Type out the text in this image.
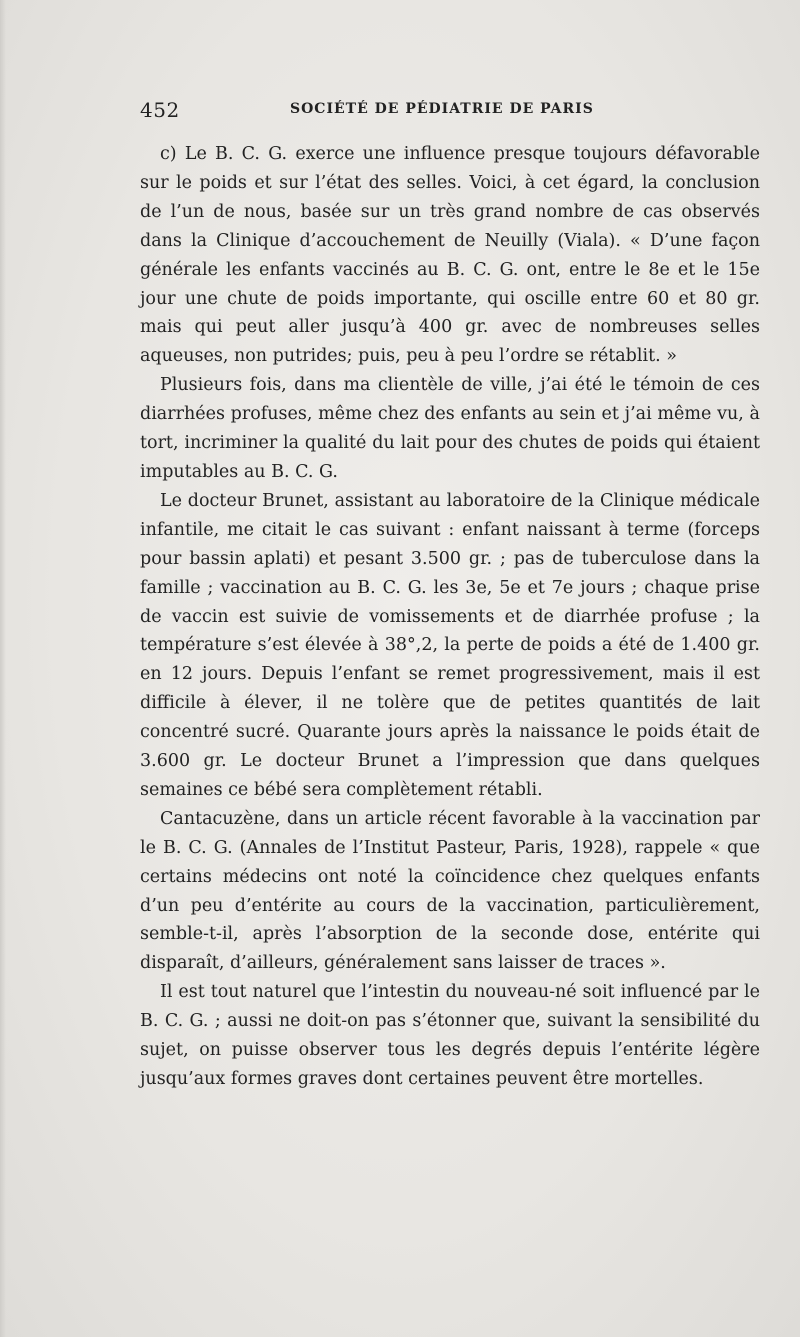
452	SOCIÉTÉ DE PÉDIATRIE DE PARIS

c) Le B. C. G. exerce une influence presque toujours défavorable sur le poids et sur l’état des selles. Voici, à cet égard, la conclusion de l’un de nous, basée sur un très grand nombre de cas observés dans la Clinique d’accouchement de Neuilly (Viala). « D’une façon générale les enfants vaccinés au B. C. G. ont, entre le 8e et le 15e jour une chute de poids importante, qui oscille entre 60 et 80 gr. mais qui peut aller jusqu’à 400 gr. avec de nombreuses selles aqueuses, non putrides; puis, peu à peu l’ordre se rétablit. »

Plusieurs fois, dans ma clientèle de ville, j’ai été le témoin de ces diarrhées profuses, même chez des enfants au sein et j’ai même vu, à tort, incriminer la qualité du lait pour des chutes de poids qui étaient imputables au B. C. G.

Le docteur Brunet, assistant au laboratoire de la Clinique médicale infantile, me citait le cas suivant : enfant naissant à terme (forceps pour bassin aplati) et pesant 3.500 gr. ; pas de tuberculose dans la famille ; vaccination au B. C. G. les 3e, 5e et 7e jours ; chaque prise de vaccin est suivie de vomissements et de diarrhée profuse ; la température s’est élevée à 38°,2, la perte de poids a été de 1.400 gr. en 12 jours. Depuis l’enfant se remet progressivement, mais il est difficile à élever, il ne tolère que de petites quantités de lait concentré sucré. Quarante jours après la naissance le poids était de 3.600 gr. Le docteur Brunet a l’impression que dans quelques semaines ce bébé sera complètement rétabli.

Cantacuzène, dans un article récent favorable à la vaccination par le B. C. G. (Annales de l’Institut Pasteur, Paris, 1928), rappele « que certains médecins ont noté la coïncidence chez quelques enfants d’un peu d’entérite au cours de la vaccination, particulièrement, semble-t-il, après l’absorption de la seconde dose, entérite qui disparaît, d’ailleurs, généralement sans laisser de traces ».

Il est tout naturel que l’intestin du nouveau-né soit influencé par le B. C. G. ; aussi ne doit-on pas s’étonner que, suivant la sensibilité du sujet, on puisse observer tous les degrés depuis l’entérite légère jusqu’aux formes graves dont certaines peuvent être mortelles.
